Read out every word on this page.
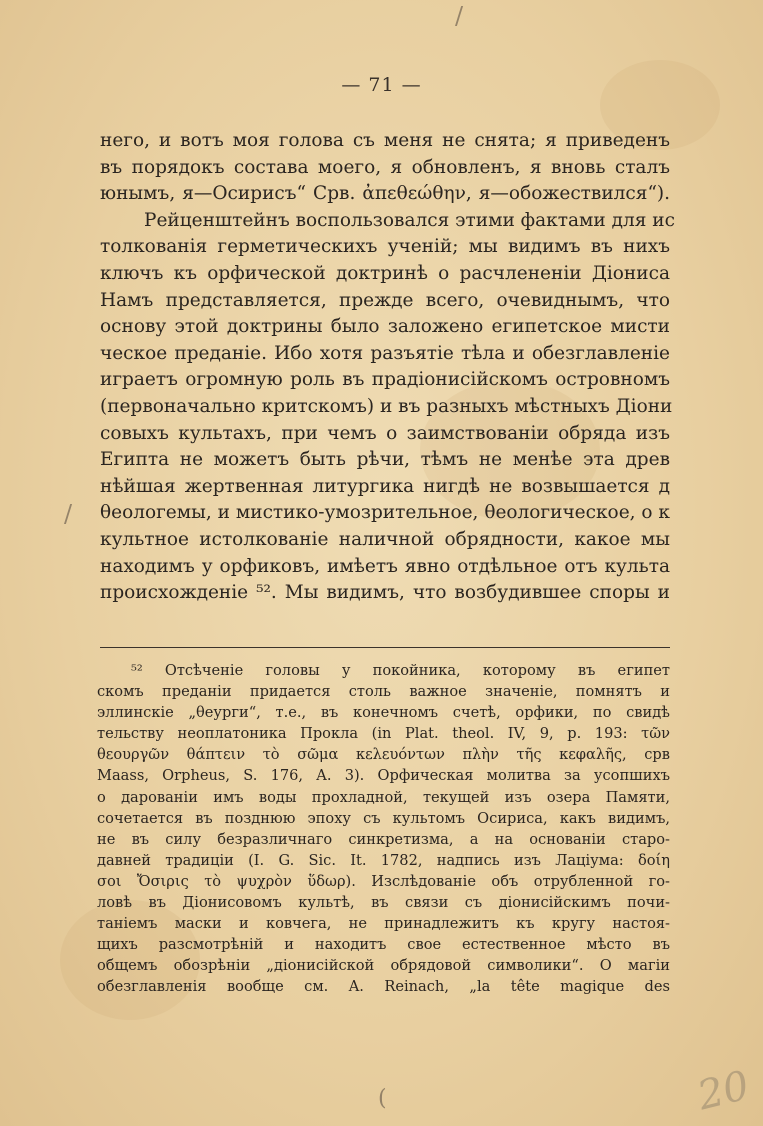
/
/
(
— 71 —
него, и вотъ моя голова съ меня не снята; я приведенъ
въ порядокъ состава моего, я обновленъ, я вновь сталъ
юнымъ, я—Осирисъ“ Срв. ἀπεθεώθην, я—обожествился“).
Рейценштейнъ воспользовался этими фактами для ис
толкованія герметическихъ ученій; мы видимъ въ нихъ
ключъ къ орфической доктринѣ о расчлененіи Діониса
Намъ представляется, прежде всего, очевиднымъ, что
основу этой доктрины было заложено египетское мисти
ческое преданіе. Ибо хотя разъятіе тѣла и обезглавленіе
играетъ огромную роль въ прадіонисійскомъ островномъ
(первоначально критскомъ) и въ разныхъ мѣстныхъ Діони
совыхъ культахъ, при чемъ о заимствованіи обряда изъ
Египта не можетъ быть рѣчи, тѣмъ не менѣе эта древ
нѣйшая жертвенная литургика нигдѣ не возвышается д
θеологемы, и мистико-умозрительное, θеологическое, о к
культное истолкованіе наличной обрядности, какое мы
находимъ у орфиковъ, имѣетъ явно отдѣльное отъ культа
происхожденіе ⁵². Мы видимъ, что возбудившее споры и
⁵² Отсѣченіе головы у покойника, которому въ египет
скомъ преданіи придается столь важное значеніе, помнятъ и
эллинскіе „θеурги“, т.е., въ конечномъ счетѣ, орфики, по свидѣ
тельству неоплатоника Прокла (in Plat. theol. IV, 9, p. 193: τῶν
θεουργῶν θάπτειν τὸ σῶμα κελευόντων πλὴν τῆς κεφαλῆς, срв
Maass, Orpheus, S. 176, A. 3). Орфическая молитва за усопшихъ
о дарованіи имъ воды прохладной, текущей изъ озера Памяти,
сочетается въ позднюю эпоху съ культомъ Осириса, какъ видимъ,
не въ силу безразличнаго синкретизма, а на основаніи старо-
давней традиціи (I. G. Sic. It. 1782, надпись изъ Лаціума: δοίη
σοι Ὄσιρις τὸ ψυχρὸν ὕδωρ). Изслѣдованіе объ отрубленной го-
ловѣ въ Діонисовомъ культѣ, въ связи съ діонисійскимъ почи-
таніемъ маски и ковчега, не принадлежитъ къ кругу настоя-
щихъ разсмотрѣній и находитъ свое естественное мѣсто въ
общемъ обозрѣніи „діонисійской обрядовой символики“. О магіи
обезглавленія вообще см. A. Reinach, „la tête magique des
20
